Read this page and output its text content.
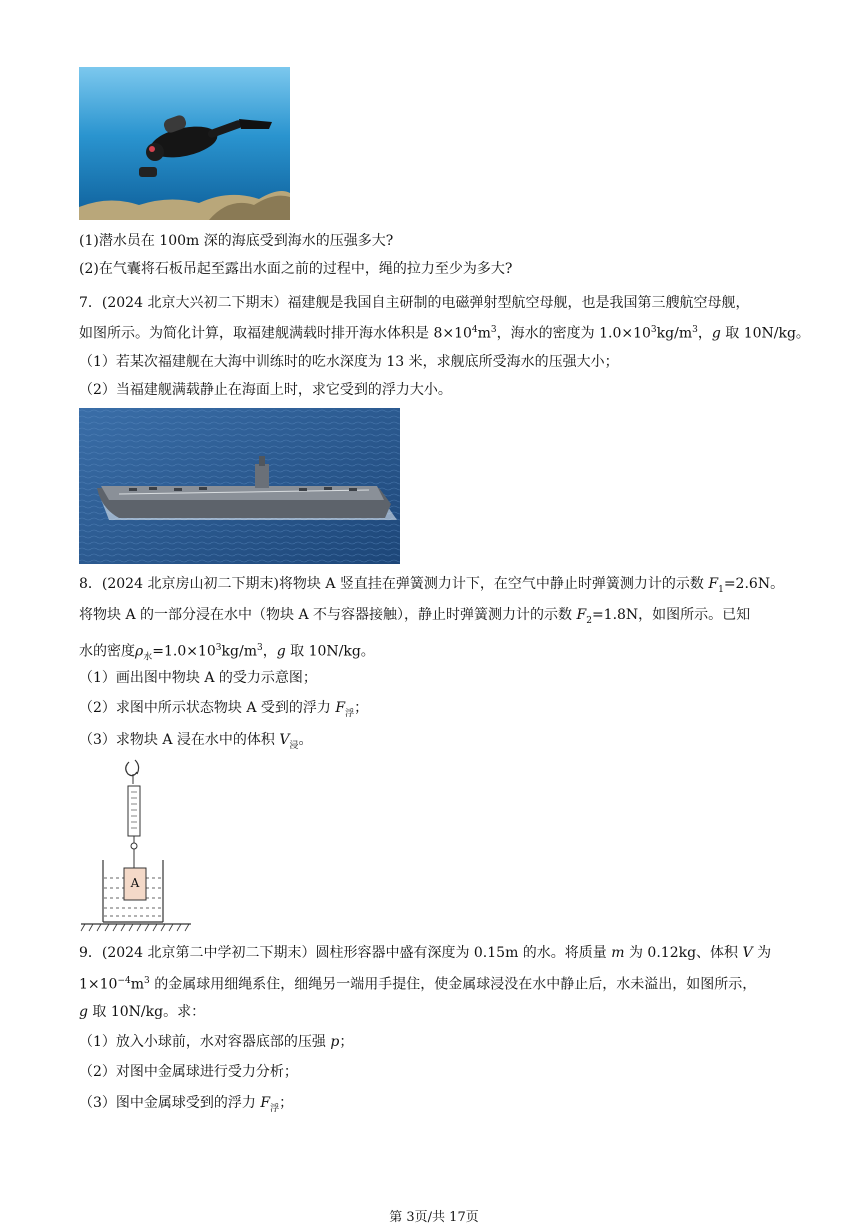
(1)潜水员在 100m 深的海底受到海水的压强多大?
(2)在气囊将石板吊起至露出水面之前的过程中，绳的拉力至少为多大?
7．(2024 北京大兴初二下期末）福建舰是我国自主研制的电磁弹射型航空母舰，也是我国第三艘航空母舰，
如图所示。为简化计算，取福建舰满载时排开海水体积是 $8\times 10^4m^3$，海水的密度为 $1.0\times 10^3kg/m^3$，g 取 10N/kg。
（1）若某次福建舰在大海中训练时的吃水深度为 13 米，求舰底所受海水的压强大小；
（2）当福建舰满载静止在海面上时，求它受到的浮力大小。
8．(2024 北京房山初二下期末)将物块 A 竖直挂在弹簧测力计下，在空气中静止时弹簧测力计的示数 $F_1=2.6N$。
将物块 A 的一部分浸在水中（物块 A 不与容器接触），静止时弹簧测力计的示数 $F_2=1.8N$，如图所示。已知
水的密度$\rho_水=1.0\times 10^3kg/m^3$，g 取 10N/kg。
（1）画出图中物块 A 的受力示意图；
（2）求图中所示状态物块 A 受到的浮力 $F_浮$；
（3）求物块 A 浸在水中的体积 $V_浸$。
A
9．(2024 北京第二中学初二下期末）圆柱形容器中盛有深度为 0.15m 的水。将质量 m 为 0.12kg、体积 V 为
$1\times 10^{-4}m^3$ 的金属球用细绳系住，细绳另一端用手提住，使金属球浸没在水中静止后，水未溢出，如图所示，
g 取 10N/kg。求：
（1）放入小球前，水对容器底部的压强 p；
（2）对图中金属球进行受力分析；
（3）图中金属球受到的浮力 $F_浮$；
第 3页/共 17页
